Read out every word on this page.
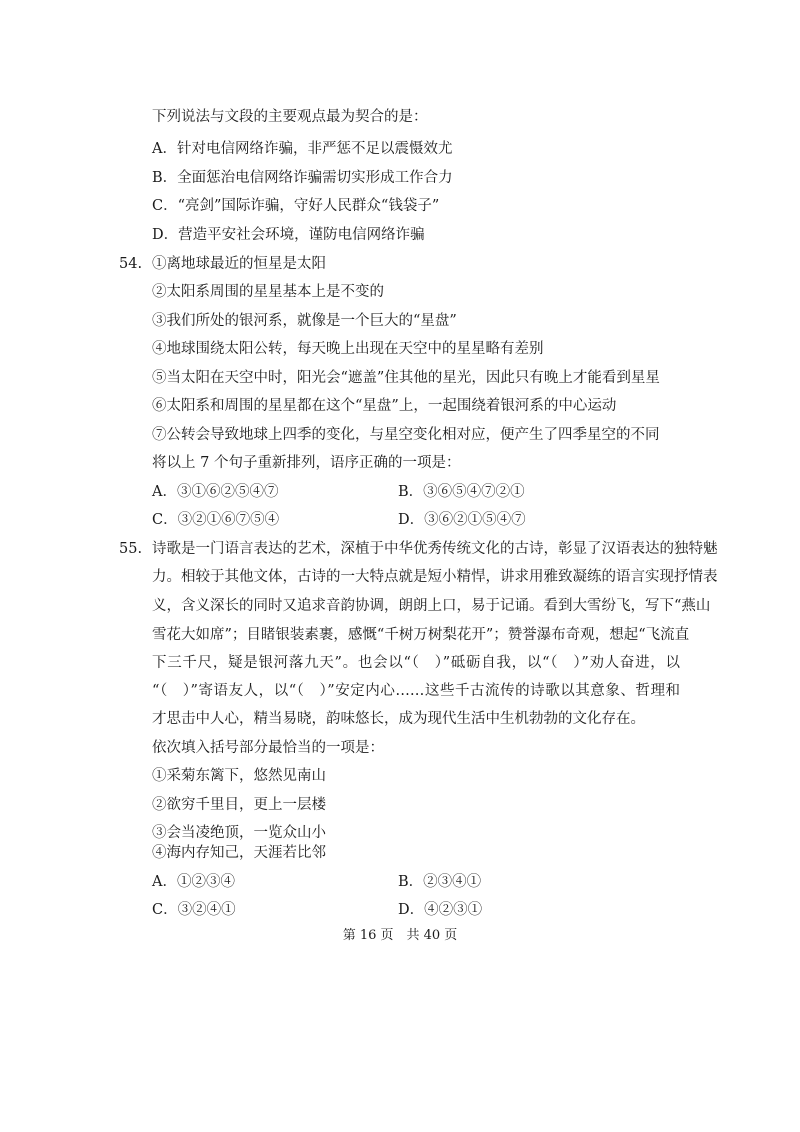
下列说法与文段的主要观点最为契合的是：
A．针对电信网络诈骗，非严惩不足以震慑效尤
B．全面惩治电信网络诈骗需切实形成工作合力
C．“亮剑”国际诈骗，守好人民群众“钱袋子”
D．营造平安社会环境，谨防电信网络诈骗
54. ①离地球最近的恒星是太阳
②太阳系周围的星星基本上是不变的
③我们所处的银河系，就像是一个巨大的“星盘”
④地球围绕太阳公转，每天晚上出现在天空中的星星略有差别
⑤当太阳在天空中时，阳光会“遮盖”住其他的星光，因此只有晚上才能看到星星
⑥太阳系和周围的星星都在这个“星盘”上，一起围绕着银河系的中心运动
⑦公转会导致地球上四季的变化，与星空变化相对应，便产生了四季星空的不同
将以上 7 个句子重新排列，语序正确的一项是：
A．③①⑥②⑤④⑦	B．③⑥⑤④⑦②①
C．③②①⑥⑦⑤④	D．③⑥②①⑤④⑦
55. 诗歌是一门语言表达的艺术，深植于中华优秀传统文化的古诗，彰显了汉语表达的独特魅
力。相较于其他文体，古诗的一大特点就是短小精悍，讲求用雅致凝练的语言实现抒情表
义，含义深长的同时又追求音韵协调，朗朗上口，易于记诵。看到大雪纷飞，写下“燕山
雪花大如席”；目睹银装素裹，感慨“千树万树梨花开”；赞誉瀑布奇观，想起“飞流直
下三千尺，疑是银河落九天”。也会以“（　）”砥砺自我，以“（　）”劝人奋进，以
“（　）”寄语友人，以“（　）”安定内心……这些千古流传的诗歌以其意象、哲理和
才思击中人心，精当易晓，韵味悠长，成为现代生活中生机勃勃的文化存在。
依次填入括号部分最恰当的一项是：
①采菊东篱下，悠然见南山
②欲穷千里目，更上一层楼
③会当凌绝顶，一览众山小
④海内存知己，天涯若比邻
A．①②③④	B．②③④①
第 16 页　共 40 页
C．③②④①	D．④②③①
